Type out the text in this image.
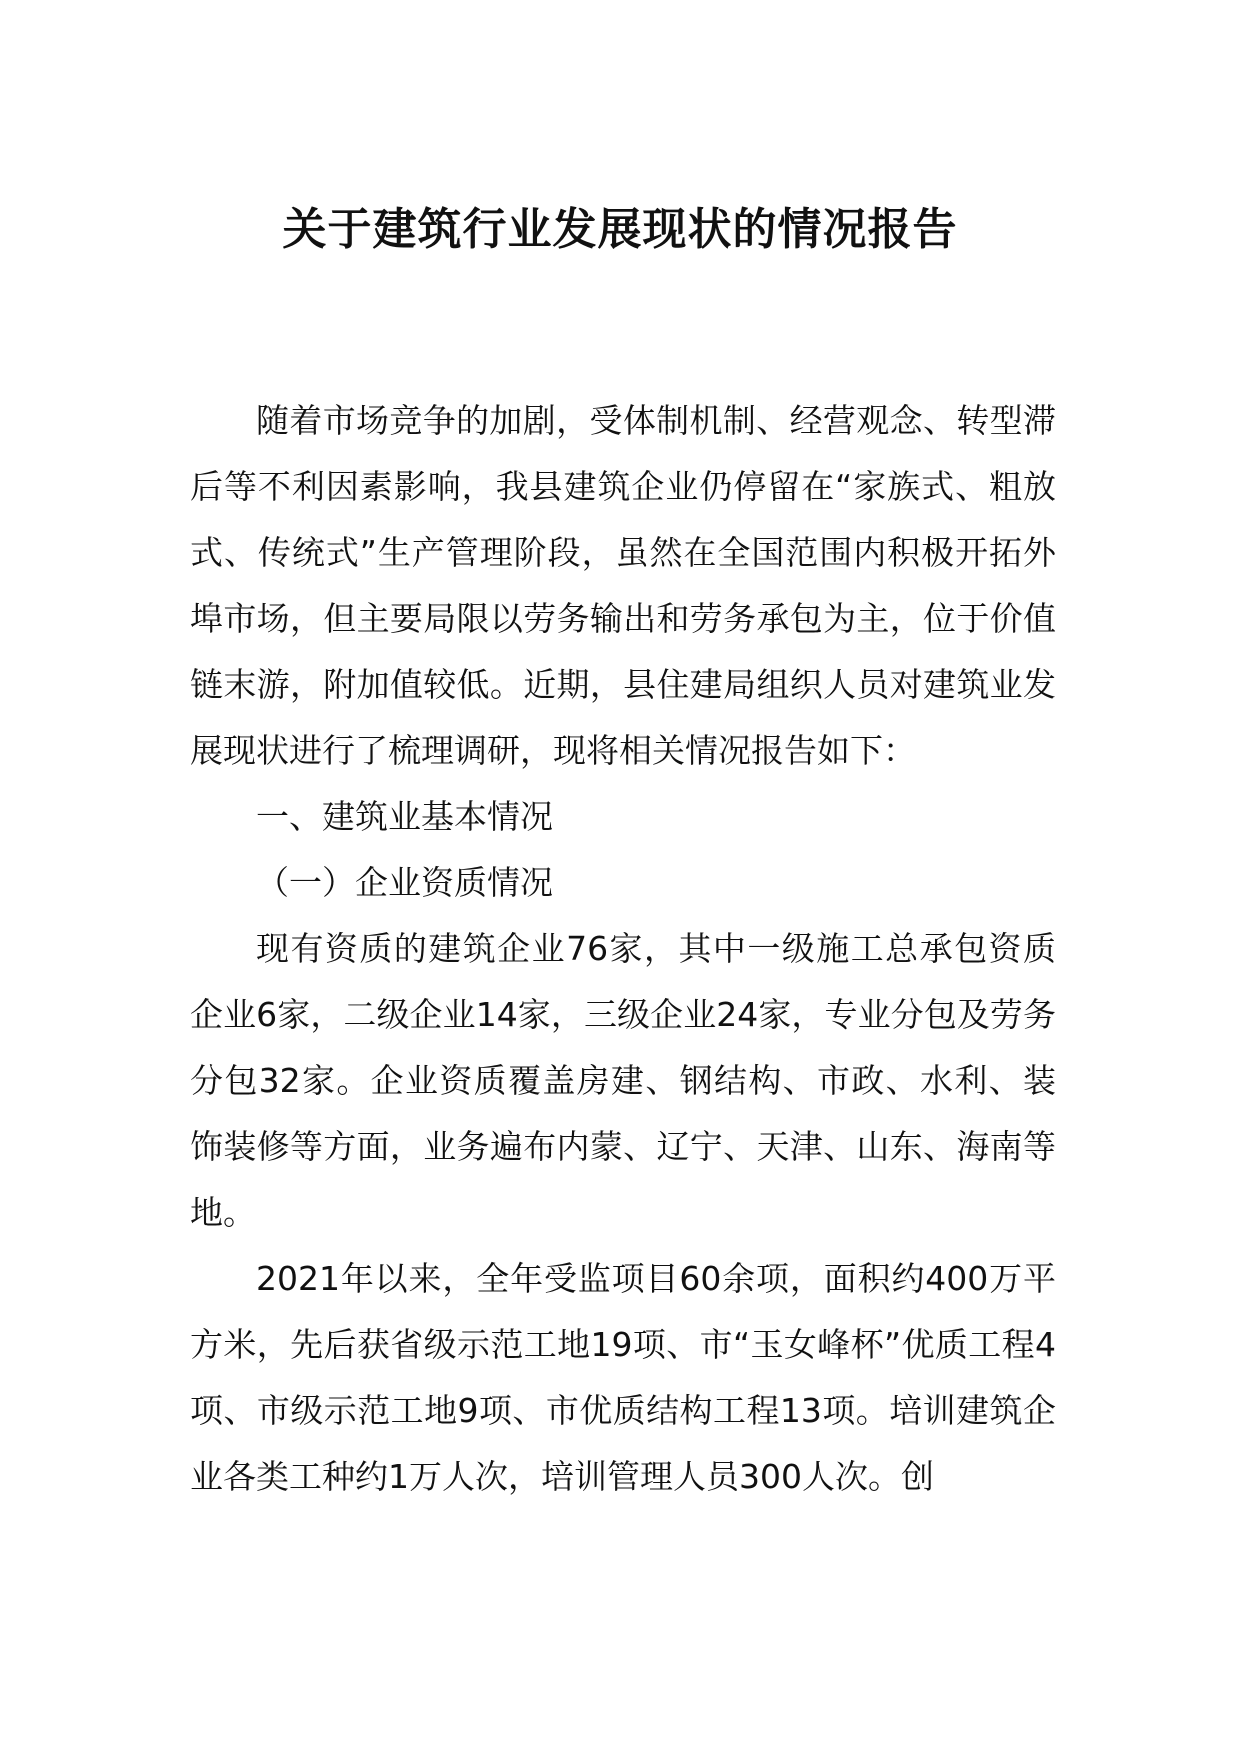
关于建筑行业发展现状的情况报告

随着市场竞争的加剧，受体制机制、经营观念、转型滞后等不利因素影响，我县建筑企业仍停留在“家族式、粗放式、传统式”生产管理阶段，虽然在全国范围内积极开拓外埠市场，但主要局限以劳务输出和劳务承包为主，位于价值链末游，附加值较低。近期，县住建局组织人员对建筑业发展现状进行了梳理调研，现将相关情况报告如下：

一、建筑业基本情况

（一）企业资质情况

现有资质的建筑企业76家，其中一级施工总承包资质企业6家，二级企业14家，三级企业24家，专业分包及劳务分包32家。企业资质覆盖房建、钢结构、市政、水利、装饰装修等方面，业务遍布内蒙、辽宁、天津、山东、海南等地。

2021年以来，全年受监项目60余项，面积约400万平方米，先后获省级示范工地19项、市“玉女峰杯”优质工程4项、市级示范工地9项、市优质结构工程13项。培训建筑企业各类工种约1万人次，培训管理人员300人次。创
